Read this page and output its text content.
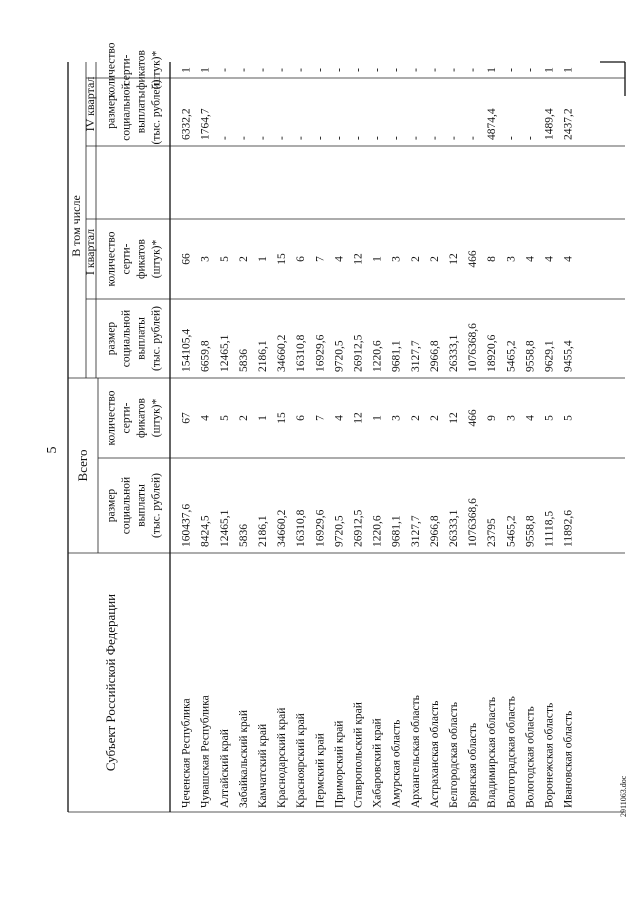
5
Субъект Российской Федерации
Всего
В том числе I квартал
IV квартал
размер социальной выплаты (тыс. рублей)
количество серти- фикатов (штук)*
размер социальной выплаты (тыс. рублей)
количество серти- фикатов (штук)*
размер социальной выплаты (тыс. рублей)
количество серти- фикатов (штук)*
160437,6
67
154105,4
66
6332,2
1
Чеченская Республика
8424,5
4
6659,8
3
1764,7
1
Чувашская Республика
12465,1
5
12465,1
5
-
-
Алтайский край
5836
2
5836
2
-
-
Забайкальский край
2186,1
1
2186,1
1
-
-
Камчатский край
34660,2
15
34660,2
15
-
-
Краснодарский край
16310,8
6
16310,8
6
-
-
Красноярский край
16929,6
7
16929,6
7
-
-
Пермский край
9720,5
4
9720,5
4
-
-
Приморский край
26912,5
12
26912,5
12
-
-
Ставропольский край
1220,6
1
1220,6
1
-
-
Хабаровский край
9681,1
3
9681,1
3
-
-
Амурская область
3127,7
2
3127,7
2
-
-
Архангельская область
2966,8
2
2966,8
2
-
-
Астраханская область
26333,1
12
26333,1
12
-
-
Белгородская область
1076368,6
466
1076368,6
466
-
-
Брянская область
23795
9
18920,6
8
4874,4
1
Владимирская область
5465,2
3
5465,2
3
-
-
Волгоградская область
9558,8
4
9558,8
4
-
-
Вологодская область
11118,5
5
9629,1
4
1489,4
1
Воронежская область
11892,6
5
9455,4
4
2437,2
1
Ивановская область	2911063.doc
